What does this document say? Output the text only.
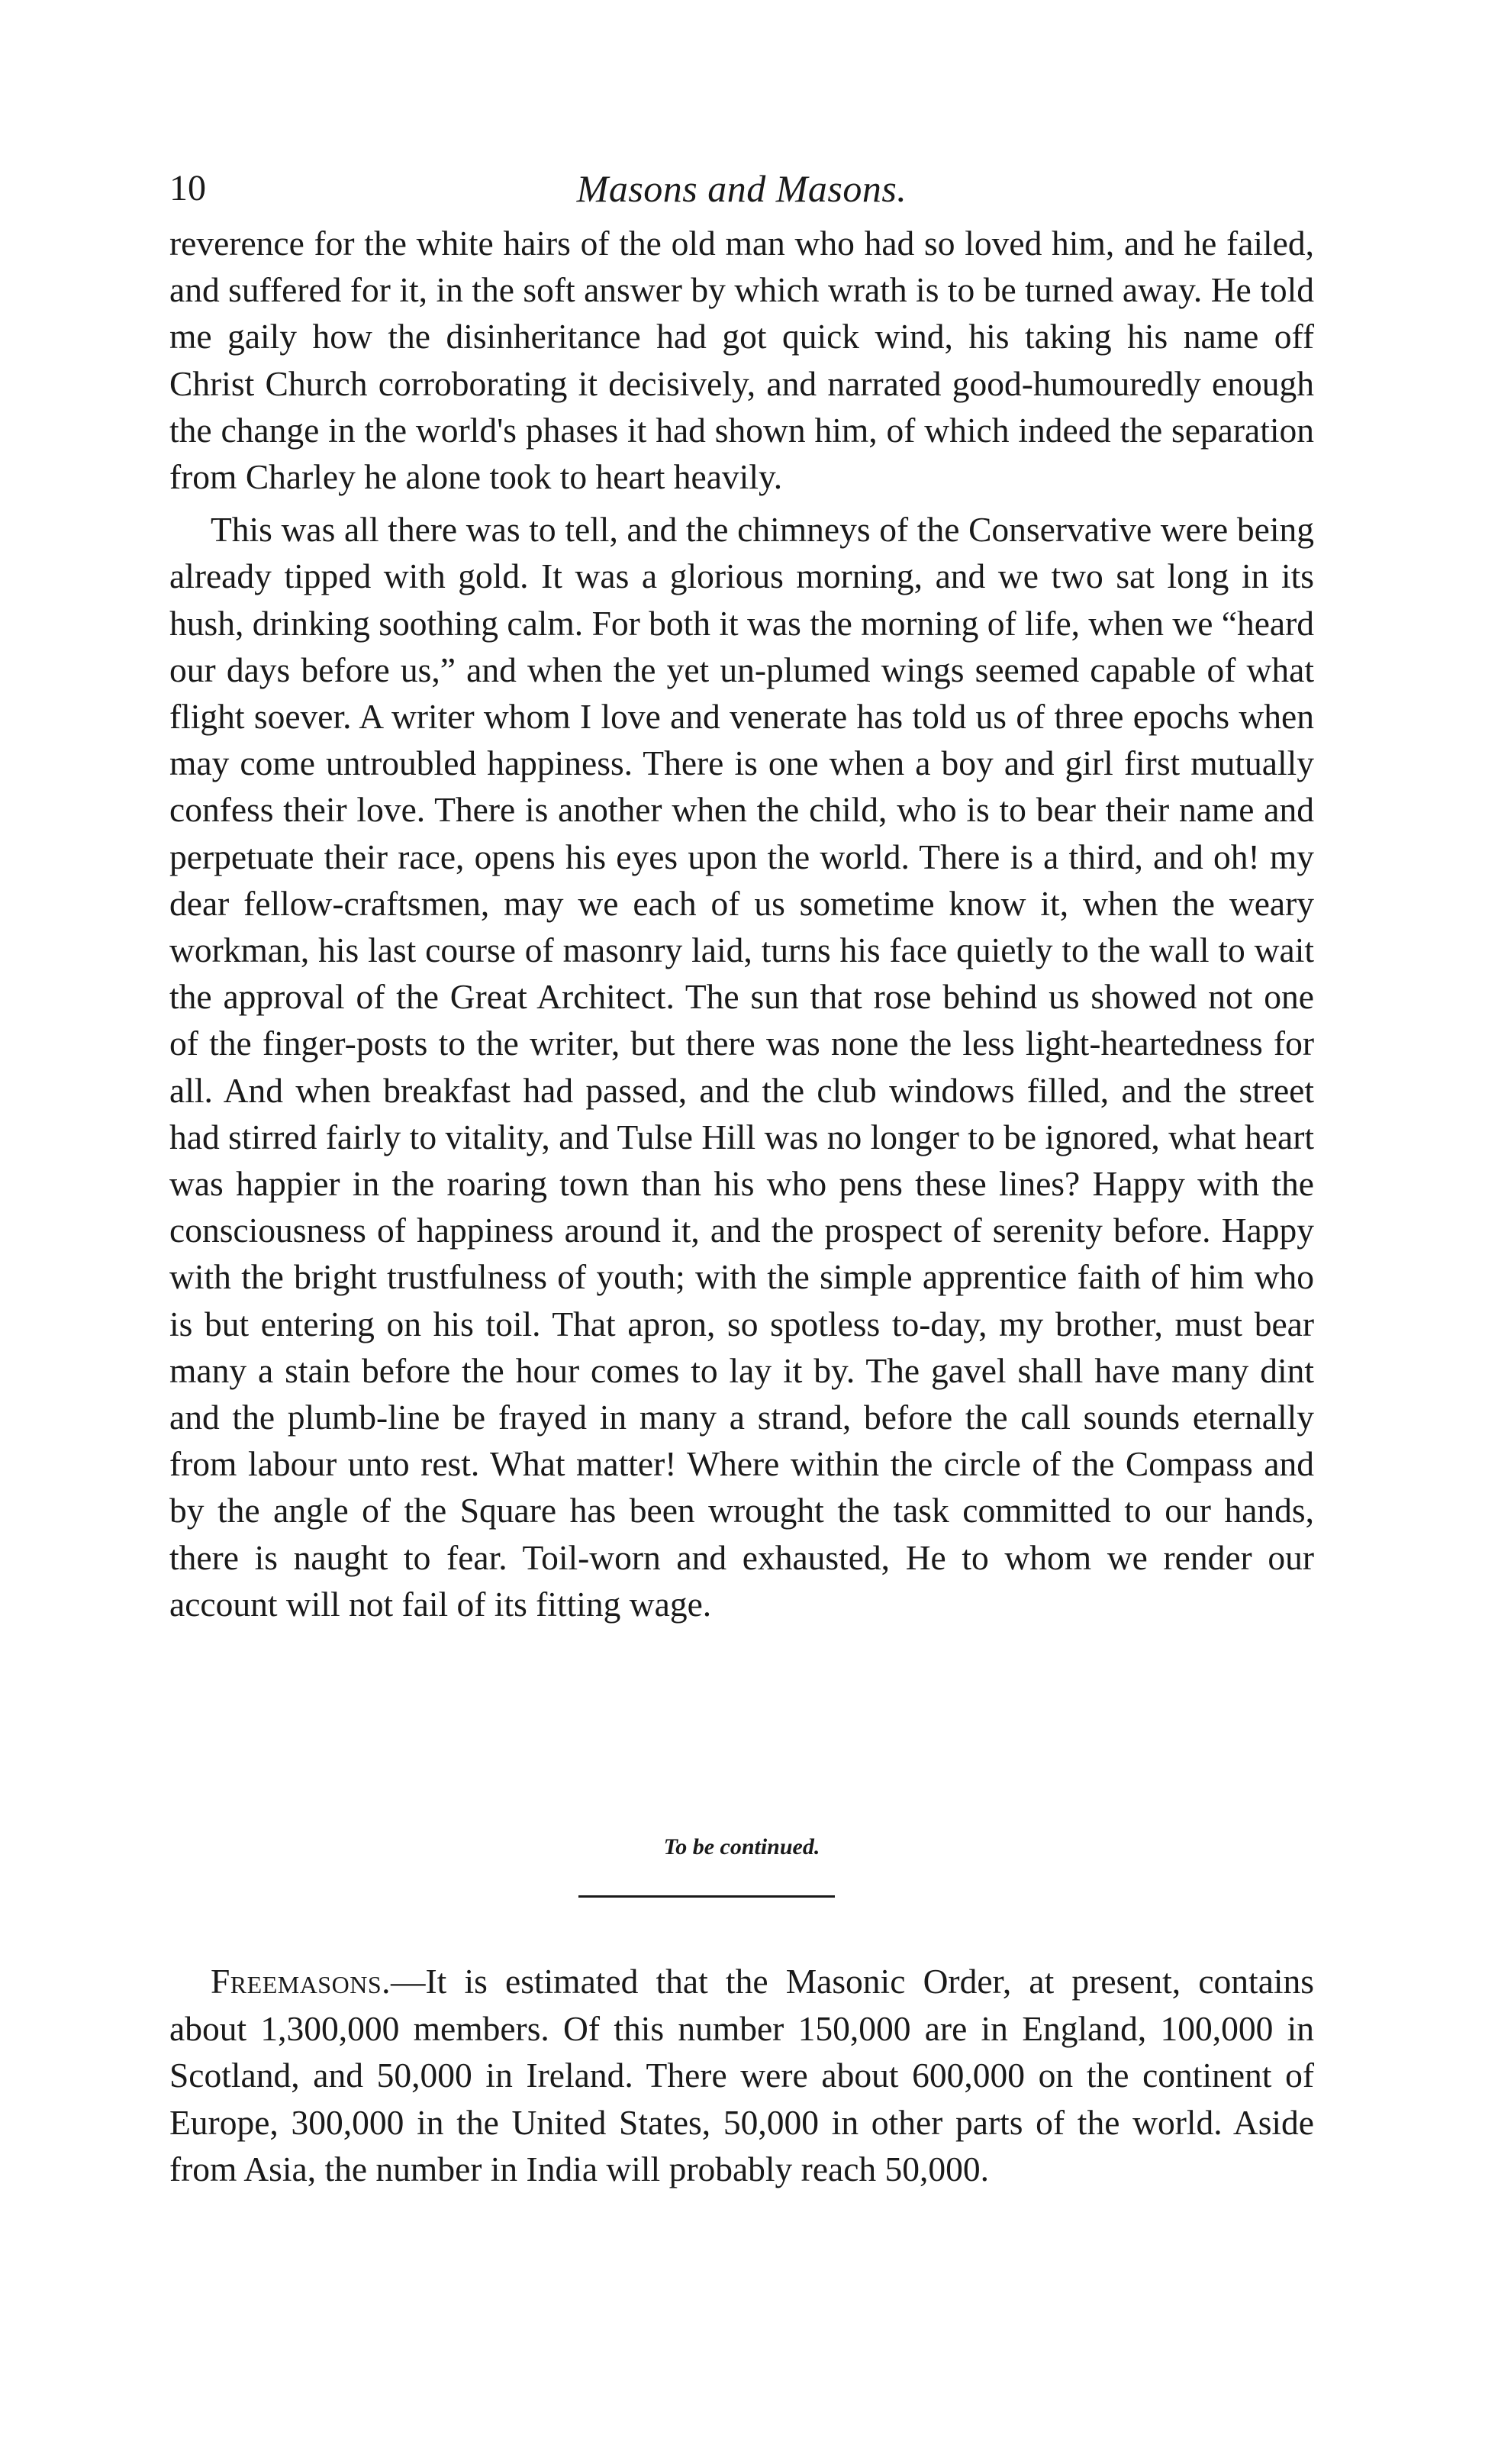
10	Masons and Masons.

reverence for the white hairs of the old man who had so loved him, and he failed, and suffered for it, in the soft answer by which wrath is to be turned away. He told me gaily how the disinheritance had got quick wind, his taking his name off Christ Church corroborating it decisively, and narrated good-humouredly enough the change in the world's phases it had shown him, of which indeed the separation from Charley he alone took to heart heavily.

This was all there was to tell, and the chimneys of the Conservative were being already tipped with gold. It was a glorious morning, and we two sat long in its hush, drinking soothing calm. For both it was the morning of life, when we “heard our days before us,” and when the yet un-plumed wings seemed capable of what flight soever. A writer whom I love and venerate has told us of three epochs when may come untroubled happiness. There is one when a boy and girl first mutually confess their love. There is another when the child, who is to bear their name and perpetuate their race, opens his eyes upon the world. There is a third, and oh! my dear fellow-craftsmen, may we each of us sometime know it, when the weary workman, his last course of masonry laid, turns his face quietly to the wall to wait the approval of the Great Architect. The sun that rose behind us showed not one of the finger-posts to the writer, but there was none the less light-heartedness for all. And when breakfast had passed, and the club windows filled, and the street had stirred fairly to vitality, and Tulse Hill was no longer to be ignored, what heart was happier in the roaring town than his who pens these lines? Happy with the consciousness of happiness around it, and the prospect of serenity before. Happy with the bright trustfulness of youth; with the simple apprentice faith of him who is but entering on his toil. That apron, so spotless to-day, my brother, must bear many a stain before the hour comes to lay it by. The gavel shall have many dint and the plumb-line be frayed in many a strand, before the call sounds eternally from labour unto rest. What matter! Where within the circle of the Compass and by the angle of the Square has been wrought the task committed to our hands, there is naught to fear. Toil-worn and exhausted, He to whom we render our account will not fail of its fitting wage.

To be continued.

Freemasons.—It is estimated that the Masonic Order, at present, contains about 1,300,000 members. Of this number 150,000 are in England, 100,000 in Scotland, and 50,000 in Ireland. There were about 600,000 on the continent of Europe, 300,000 in the United States, 50,000 in other parts of the world. Aside from Asia, the number in India will probably reach 50,000.
